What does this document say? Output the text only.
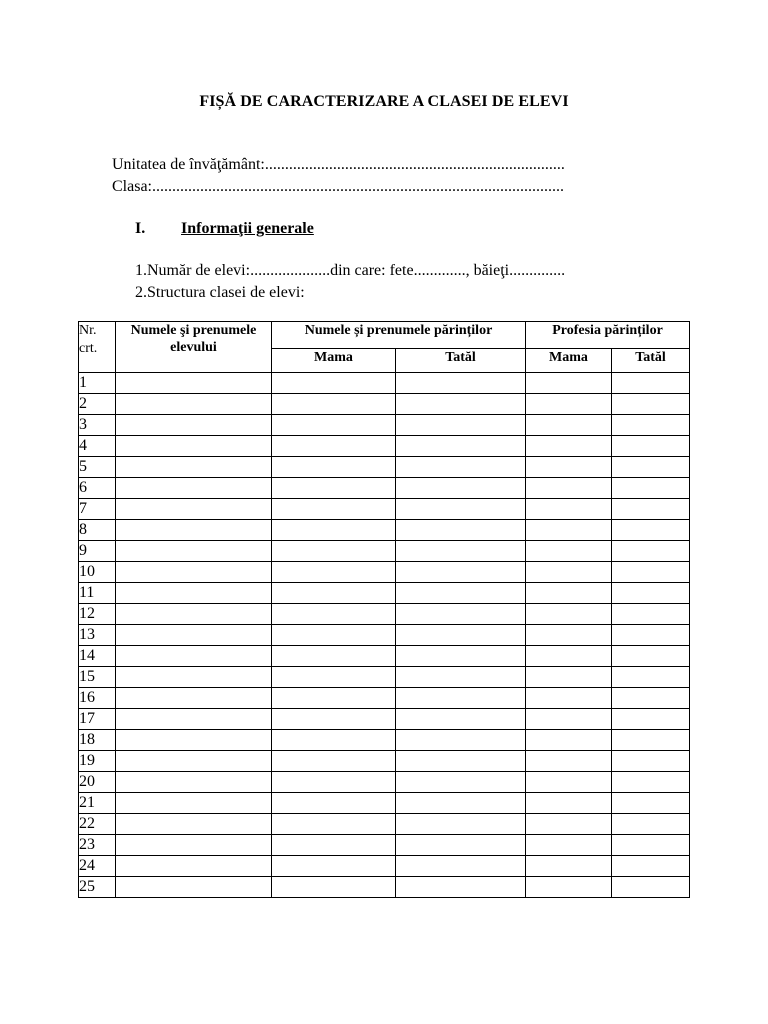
FIȘĂ DE CARACTERIZARE A CLASEI DE ELEVI
Unitatea de învăţământ:...........................................................................
Clasa:.......................................................................................................
I. Informaţii generale
1.Număr de elevi:....................din care: fete............., băieţi..............
2.Structura clasei de elevi:
Nr. crt.	Numele şi prenumele elevului	Numele și prenumele părinților		Profesia părinților	
		Mama	Tatăl	Mama	Tatăl
1					
2					
3					
4					
5					
6					
7					
8					
9					
10					
11					
12					
13					
14					
15					
16					
17					
18					
19					
20					
21					
22					
23					
24					
25					
